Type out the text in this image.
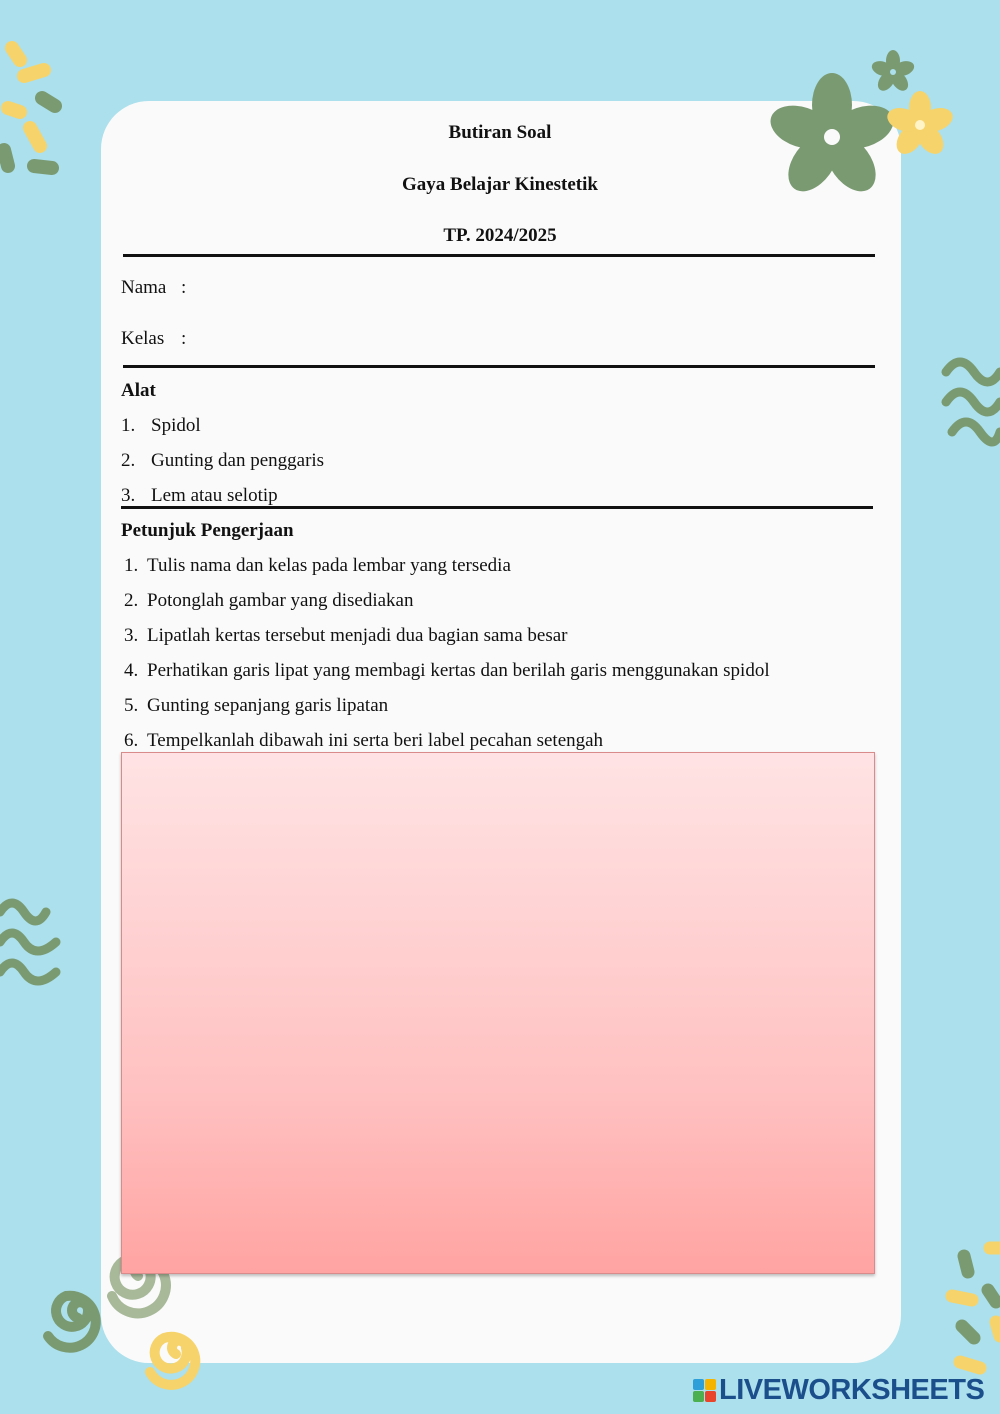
Butiran Soal
Gaya Belajar Kinestetik
TP. 2024/2025
Nama :
Kelas :
Alat
1. Spidol
2. Gunting dan penggaris
3. Lem atau selotip
Petunjuk Pengerjaan
1. Tulis nama dan kelas pada lembar yang tersedia
2. Potonglah gambar yang disediakan
3. Lipatlah kertas tersebut menjadi dua bagian sama besar
4. Perhatikan garis lipat yang membagi kertas dan berilah garis menggunakan spidol
5. Gunting sepanjang garis lipatan
6. Tempelkanlah dibawah ini serta beri label pecahan setengah
LIVEWORKSHEETS
